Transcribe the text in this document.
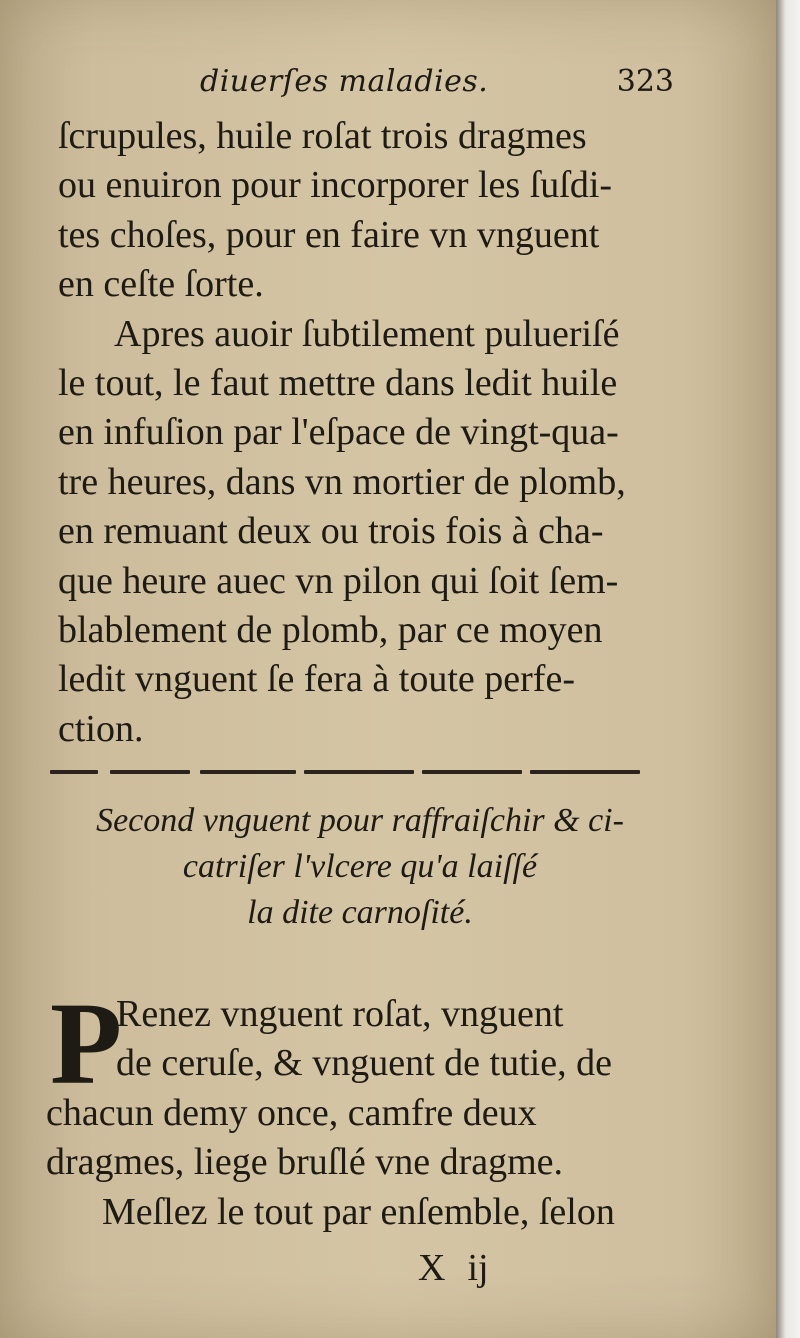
diuerſes maladies.	323
ſcrupules, huile roſat trois dragmes
ou enuiron pour incorporer les ſuſdi-
tes choſes, pour en faire vn vnguent
en ceſte ſorte.
Apres auoir ſubtilement pulueriſé
le tout, le faut mettre dans ledit huile
en infuſion par l'eſpace de vingt-qua-
tre heures, dans vn mortier de plomb,
en remuant deux ou trois fois à cha-
que heure auec vn pilon qui ſoit ſem-
blablement de plomb, par ce moyen
ledit vnguent ſe fera à toute perfe-
ction.
Second vnguent pour raffraiſchir & ci-
catriſer l'vlcere qu'a laiſſé
la dite carnoſité.
P
Renez vnguent roſat, vnguent
de ceruſe, & vnguent de tutie, de
chacun demy once, camfre deux
dragmes, liege bruſlé vne dragme.
Meſlez le tout par enſemble, ſelon
X ij
